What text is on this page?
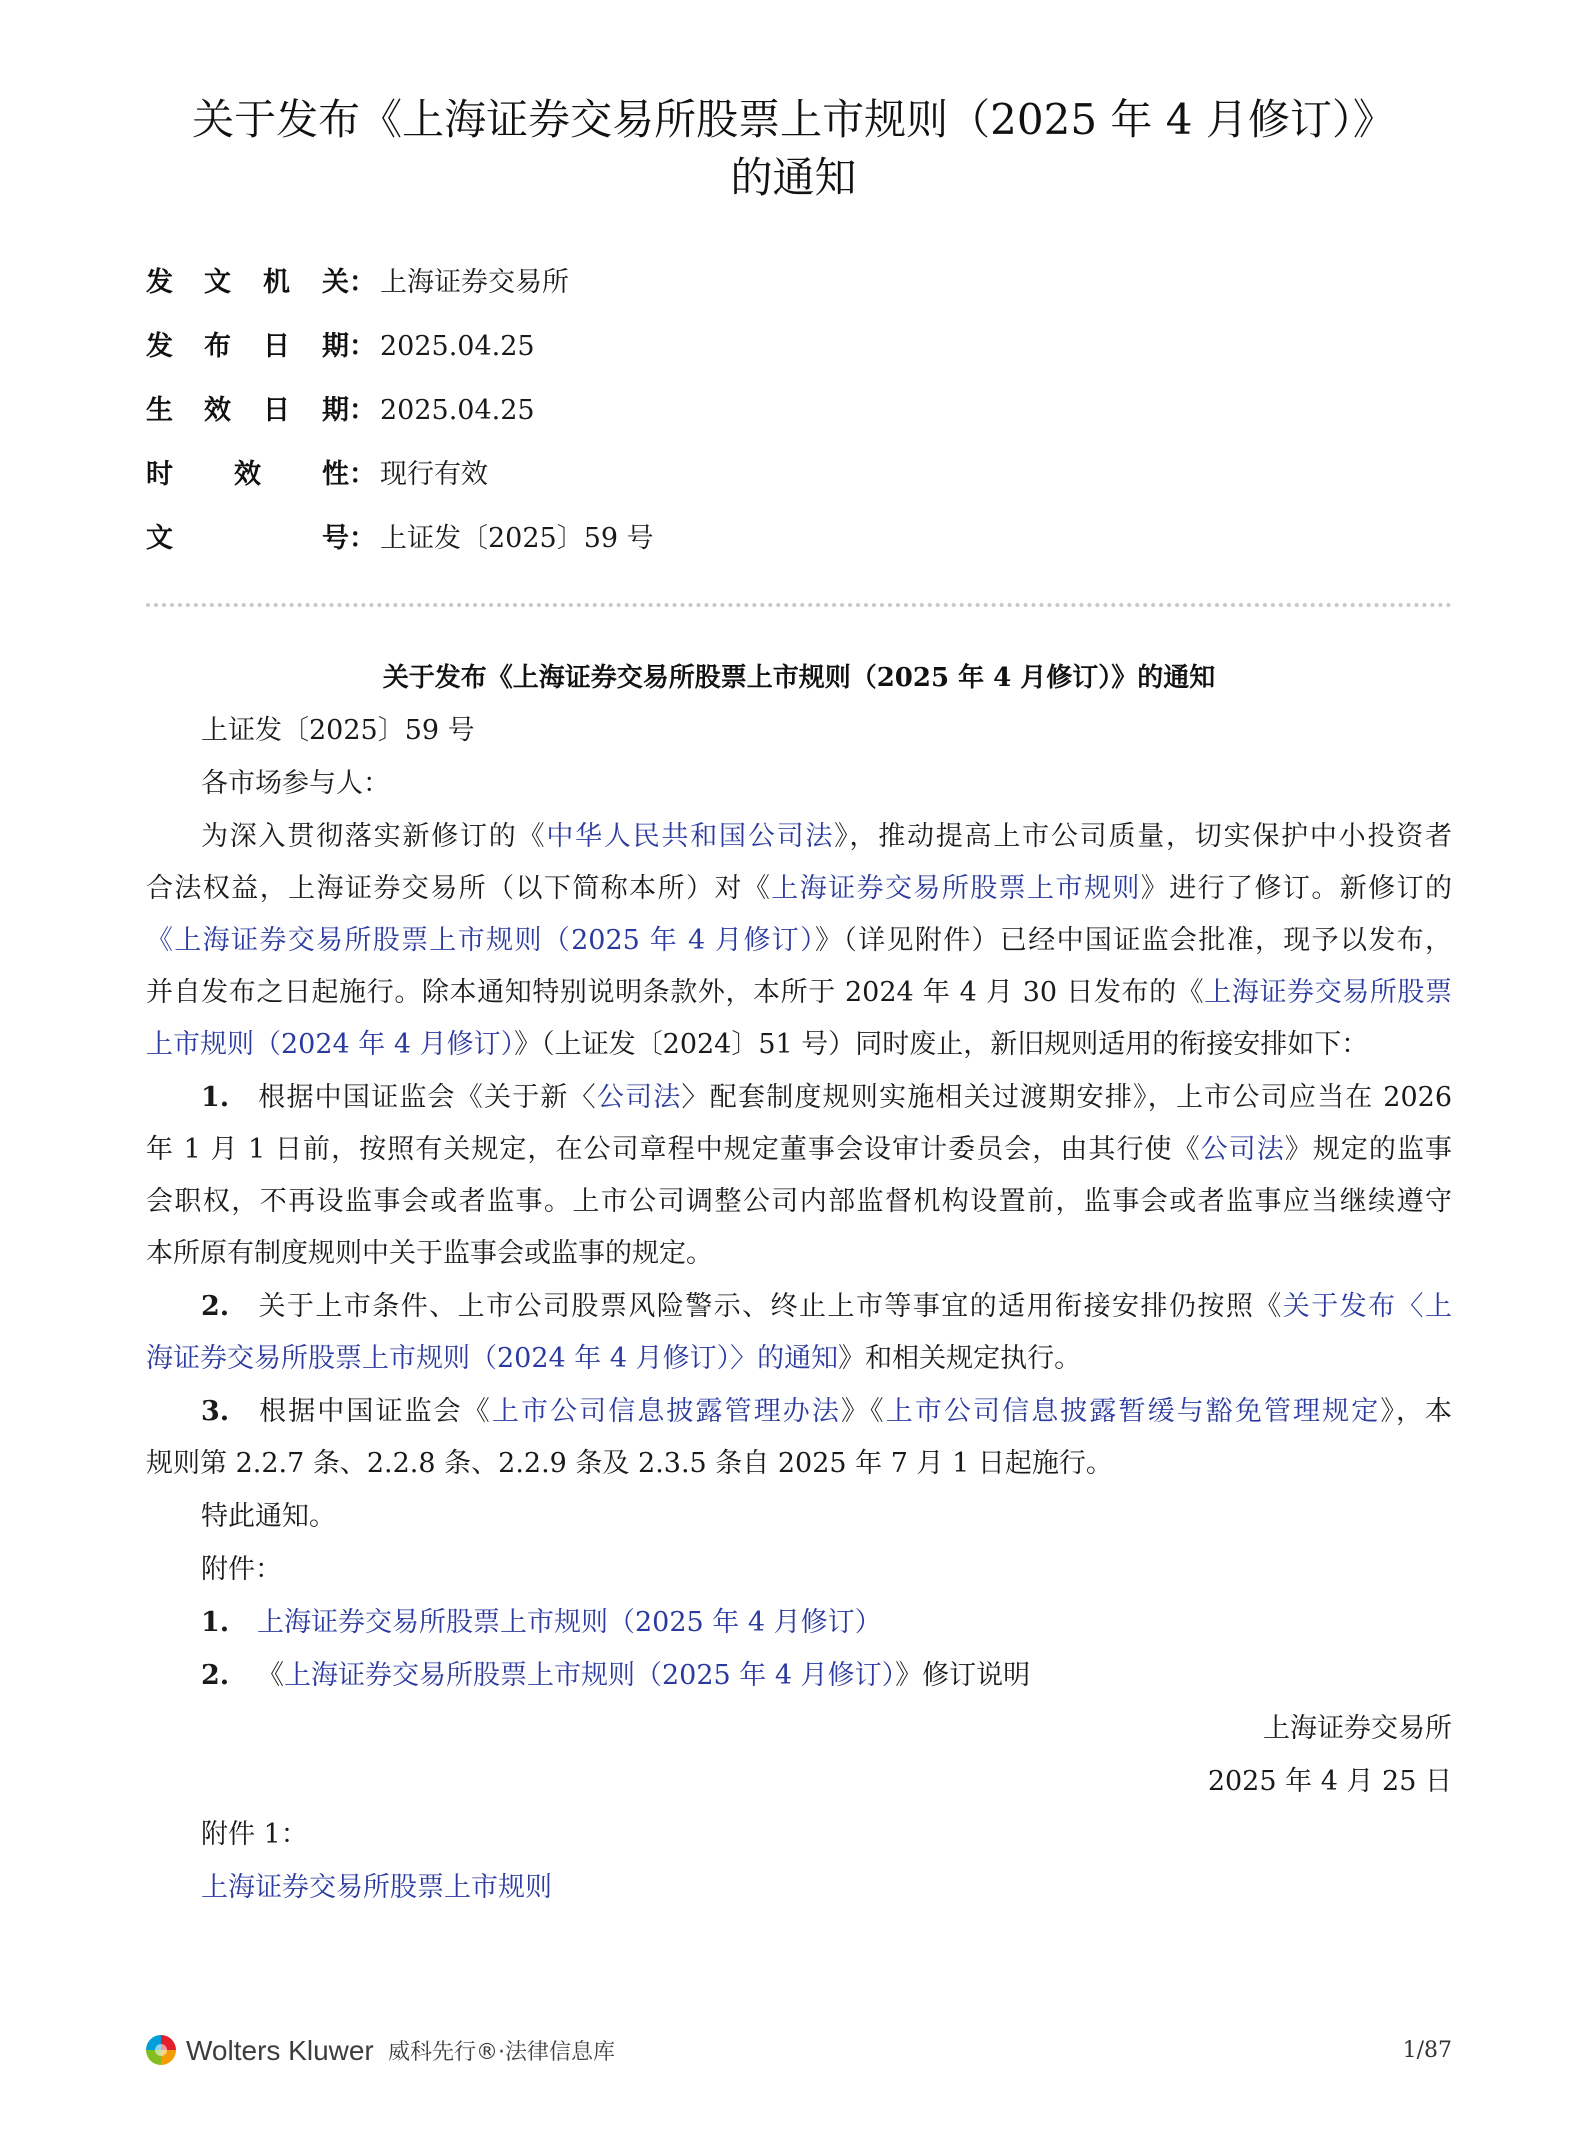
关于发布《上海证券交易所股票上市规则（2025 年 4 月修订）》
的通知
发 文 机 关： 上海证券交易所
发 布 日 期： 2025.04.25
生 效 日 期： 2025.04.25
时 效 性： 现行有效
文	号： 上证发〔2025〕59 号
关于发布《上海证券交易所股票上市规则（2025 年 4 月修订）》的通知
上证发〔2025〕59 号
各市场参与人：
为深入贯彻落实新修订的《中华人民共和国公司法》，推动提高上市公司质量，切实保护中小投资者
合法权益，上海证券交易所（以下简称本所）对《上海证券交易所股票上市规则》进行了修订。新修订的
《上海证券交易所股票上市规则（2025 年 4 月修订）》（详见附件）已经中国证监会批准，现予以发布，
并自发布之日起施行。除本通知特别说明条款外，本所于 2024 年 4 月 30 日发布的《上海证券交易所股票
上市规则（2024 年 4 月修订）》（上证发〔2024〕51 号）同时废止，新旧规则适用的衔接安排如下：
1. 根据中国证监会《关于新〈公司法〉配套制度规则实施相关过渡期安排》，上市公司应当在 2026
年 1 月 1 日前，按照有关规定，在公司章程中规定董事会设审计委员会，由其行使《公司法》规定的监事
会职权，不再设监事会或者监事。上市公司调整公司内部监督机构设置前，监事会或者监事应当继续遵守
本所原有制度规则中关于监事会或监事的规定。
2. 关于上市条件、上市公司股票风险警示、终止上市等事宜的适用衔接安排仍按照《关于发布〈上
海证券交易所股票上市规则（2024 年 4 月修订）〉的通知》和相关规定执行。
3. 根据中国证监会《上市公司信息披露管理办法》《上市公司信息披露暂缓与豁免管理规定》，本
规则第 2.2.7 条、2.2.8 条、2.2.9 条及 2.3.5 条自 2025 年 7 月 1 日起施行。
特此通知。
附件：
1. 上海证券交易所股票上市规则（2025 年 4 月修订）
2. 《上海证券交易所股票上市规则（2025 年 4 月修订）》修订说明
上海证券交易所
2025 年 4 月 25 日
附件 1：
上海证券交易所股票上市规则
Wolters Kluwer 威科先行®·法律信息库	1/87
